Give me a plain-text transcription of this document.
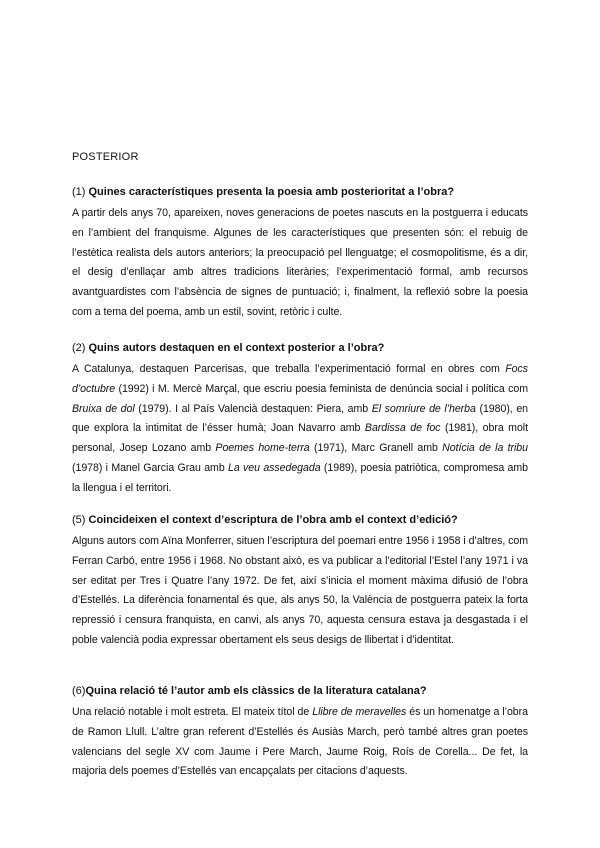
POSTERIOR
(1) Quines característiques presenta la poesia amb posterioritat a l’obra?

A partir dels anys 70, apareixen, noves generacions de poetes nascuts en la postguerra i educats en l’ambient del franquisme. Algunes de les característiques que presenten són: el rebuig de l’estètica realista dels autors anteriors; la preocupació pel llenguatge; el cosmopolitisme, és a dir, el desig d’enllaçar amb altres tradicions literàries; l’experimentació formal, amb recursos avantguardistes com l’absència de signes de puntuació; i, finalment, la reflexió sobre la poesia com a tema del poema, amb un estil, sovint, retòric i culte.

(2) Quins autors destaquen en el context posterior a l’obra?

A Catalunya, destaquen Parcerisas, que treballa l’experimentació formal en obres com Focs d’octubre (1992) i M. Mercè Marçal, que escriu poesia feminista de denúncia social i política com Bruixa de dol (1979). I al País Valencià destaquen: Piera, amb El somriure de l’herba (1980), en que explora la intimitat de l’ésser humà; Joan Navarro amb Bardissa de foc (1981), obra molt personal, Josep Lozano amb Poemes home-terra (1971), Marc Granell amb Notícia de la tribu (1978) i Manel Garcia Grau amb La veu assedegada (1989), poesia patriòtica, compromesa amb la llengua i el territori.

(5) Coincideixen el context d’escriptura de l’obra amb el context d’edició?

Alguns autors com Aïna Monferrer, situen l’escriptura del poemari entre 1956 i 1958 i d’altres, com Ferran Carbó, entre 1956 i 1968. No obstant això, es va publicar a l’editorial l’Estel l’any 1971 i va ser editat per Tres i Quatre l’any 1972. De fet, així s’inicia el moment màxima difusió de l’obra d’Estellés. La diferència fonamental és que, als anys 50, la València de postguerra pateix la forta repressió i censura franquista, en canvi, als anys 70, aquesta censura estava ja desgastada i el poble valencià podia expressar obertament els seus desigs de llibertat i d’identitat.

(6)Quina relació té l’autor amb els clàssics de la literatura catalana?

Una relació notable i molt estreta. El mateix títol de Llibre de meravelles és un homenatge a l’obra de Ramon Llull. L’altre gran referent d’Estellés és Ausiàs March, però també altres gran poetes valencians del segle XV com Jaume i Pere March, Jaume Roig, Roís de Corella... De fet, la majoria dels poemes d’Estellés van encapçalats per citacions d’aquests.
